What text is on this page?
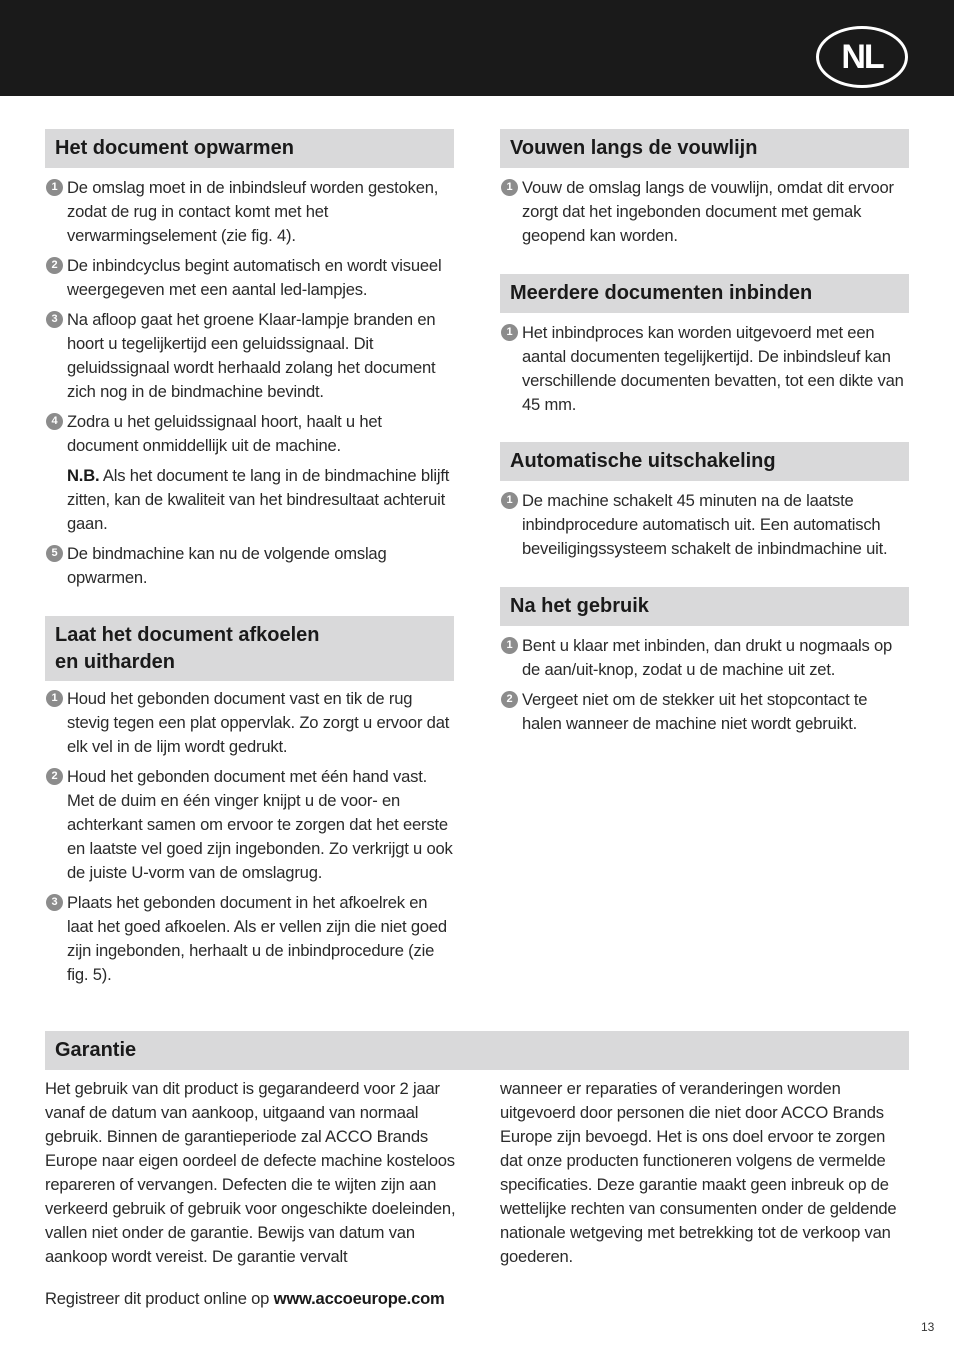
NL
Het document opwarmen
1 De omslag moet in de inbindsleuf worden gestoken, zodat de rug in contact komt met het verwarmingselement (zie fig. 4).
2 De inbindcyclus begint automatisch en wordt visueel weergegeven met een aantal led-lampjes.
3 Na afloop gaat het groene Klaar-lampje branden en hoort u tegelijkertijd een geluidssignaal. Dit geluidssignaal wordt herhaald zolang het document zich nog in de bindmachine bevindt.
4 Zodra u het geluidssignaal hoort, haalt u het document onmiddellijk uit de machine.
N.B. Als het document te lang in de bindmachine blijft zitten, kan de kwaliteit van het bindresultaat achteruit gaan.
5 De bindmachine kan nu de volgende omslag opwarmen.
Laat het document afkoelen
en uitharden
1 Houd het gebonden document vast en tik de rug stevig tegen een plat oppervlak. Zo zorgt u ervoor dat elk vel in de lijm wordt gedrukt.
2 Houd het gebonden document met één hand vast. Met de duim en één vinger knijpt u de voor- en achterkant samen om ervoor te zorgen dat het eerste en laatste vel goed zijn ingebonden. Zo verkrijgt u ook de juiste U-vorm van de omslagrug.
3 Plaats het gebonden document in het afkoelrek en laat het goed afkoelen. Als er vellen zijn die niet goed zijn ingebonden, herhaalt u de inbindprocedure (zie fig. 5).
Vouwen langs de vouwlijn
1 Vouw de omslag langs de vouwlijn, omdat dit ervoor zorgt dat het ingebonden document met gemak geopend kan worden.
Meerdere documenten inbinden
1 Het inbindproces kan worden uitgevoerd met een aantal documenten tegelijkertijd. De inbindsleuf kan verschillende documenten bevatten, tot een dikte van 45 mm.
Automatische uitschakeling
1 De machine schakelt 45 minuten na de laatste inbindprocedure automatisch uit. Een automatisch beveiligingssysteem schakelt de inbindmachine uit.
Na het gebruik
1 Bent u klaar met inbinden, dan drukt u nogmaals op de aan/uit-knop, zodat u de machine uit zet.
2 Vergeet niet om de stekker uit het stopcontact te halen wanneer de machine niet wordt gebruikt.
Garantie
Het gebruik van dit product is gegarandeerd voor 2 jaar vanaf de datum van aankoop, uitgaand van normaal gebruik. Binnen de garantieperiode zal ACCO Brands Europe naar eigen oordeel de defecte machine kosteloos repareren of vervangen. Defecten die te wijten zijn aan verkeerd gebruik of gebruik voor ongeschikte doeleinden, vallen niet onder de garantie. Bewijs van datum van aankoop wordt vereist. De garantie vervalt
wanneer er reparaties of veranderingen worden uitgevoerd door personen die niet door ACCO Brands Europe zijn bevoegd. Het is ons doel ervoor te zorgen dat onze producten functioneren volgens de vermelde specificaties. Deze garantie maakt geen inbreuk op de wettelijke rechten van consumenten onder de geldende nationale wetgeving met betrekking tot de verkoop van goederen.
Registreer dit product online op www.accoeurope.com
13
